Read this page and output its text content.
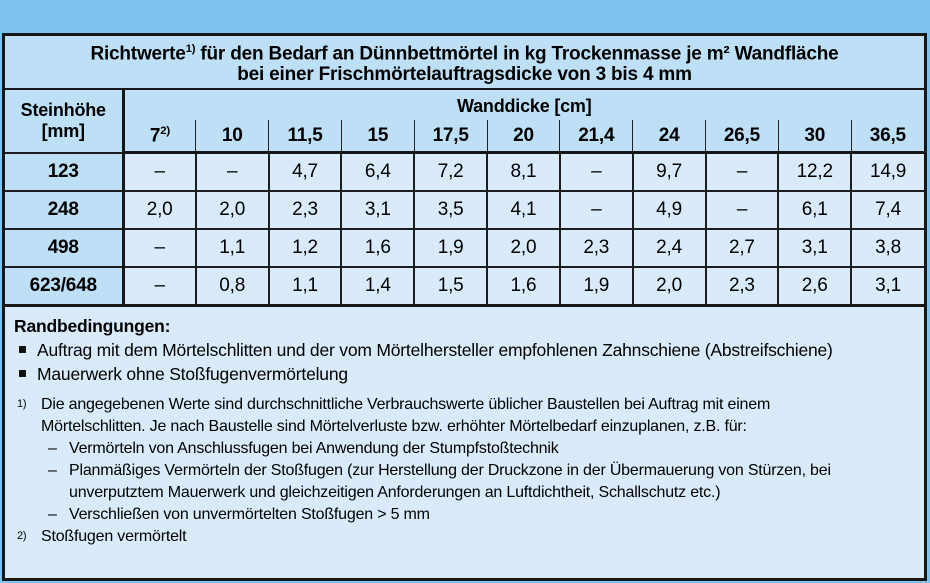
Richtwerte$^{1)}$ für den Bedarf an Dünnbettmörtel in kg Trockenmasse je m² Wandfläche
bei einer Frischmörtelauftragsdicke von 3 bis 4 mm
Steinhöhe
[mm]	Wanddicke [cm]										
	7$^{2)}$	10	11,5	15	17,5	20	21,4	24	26,5	30	36,5
123	–	–	4,7	6,4	7,2	8,1	–	9,7	–	12,2	14,9
248	2,0	2,0	2,3	3,1	3,5	4,1	–	4,9	–	6,1	7,4
498	–	1,1	1,2	1,6	1,9	2,0	2,3	2,4	2,7	3,1	3,8
623/648	–	0,8	1,1	1,4	1,5	1,6	1,9	2,0	2,3	2,6	3,1
Randbedingungen:
Auftrag mit dem Mörtelschlitten und der vom Mörtelhersteller empfohlenen Zahnschiene (Abstreifschiene)
Mauerwerk ohne Stoßfugenvermörtelung
1) Die angegebenen Werte sind durchschnittliche Verbrauchswerte üblicher Baustellen bei Auftrag mit einem Mörtelschlitten. Je nach Baustelle sind Mörtelverluste bzw. erhöhter Mörtelbedarf einzuplanen, z.B. für:
– Vermörteln von Anschlussfugen bei Anwendung der Stumpfstoßtechnik
– Planmäßiges Vermörteln der Stoßfugen (zur Herstellung der Druckzone in der Übermauerung von Stürzen, bei unverputztem Mauerwerk und gleichzeitigen Anforderungen an Luftdichtheit, Schallschutz etc.)
– Verschließen von unvermörtelten Stoßfugen > 5 mm
2) Stoßfugen vermörtelt
